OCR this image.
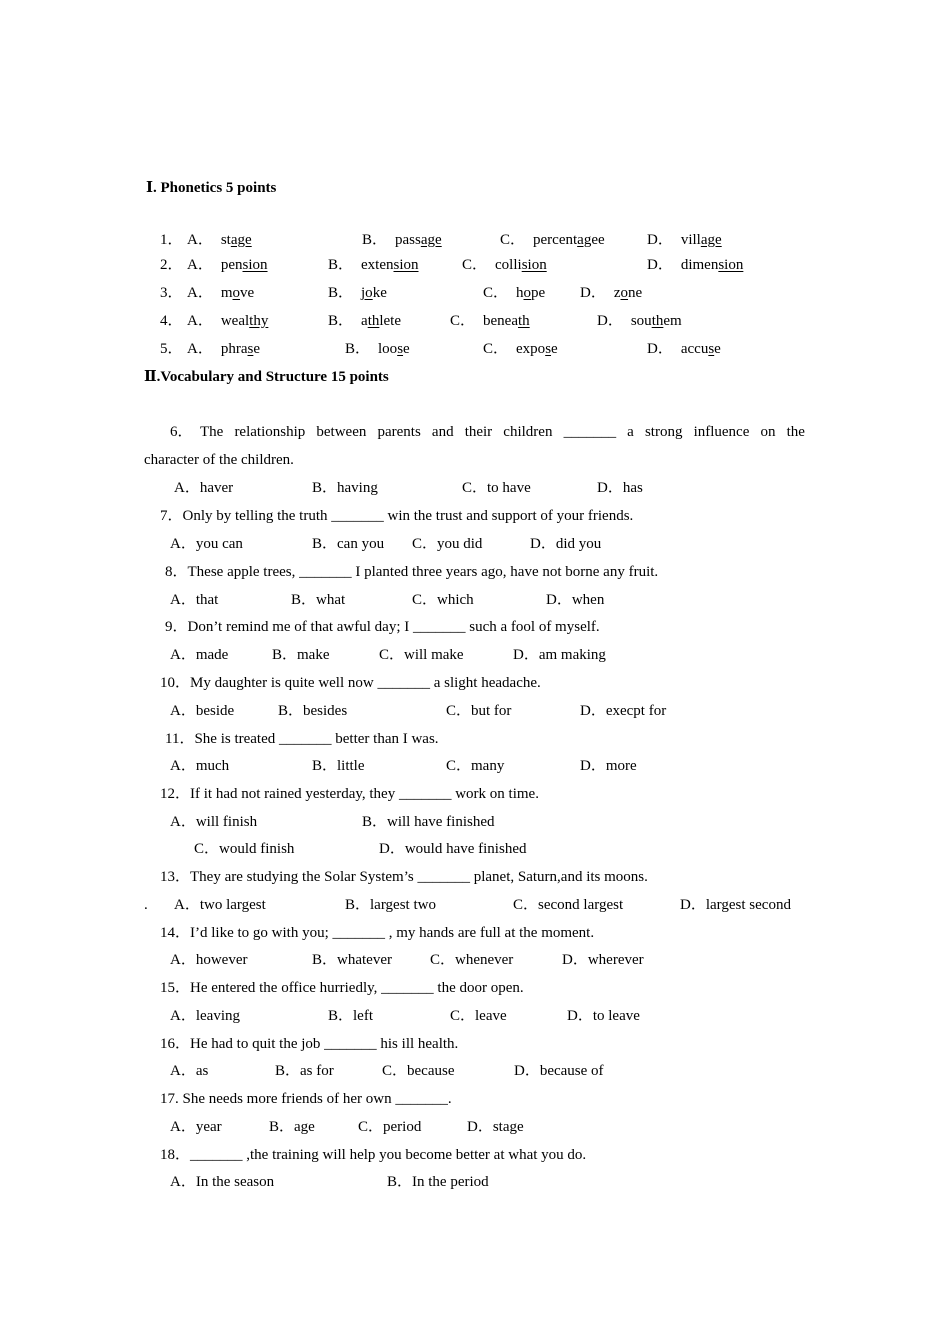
Ⅰ. Phonetics 5 points
1． A． stage	B． passage	C． percentagee	D． village
2． A． pension	B． extension	C． collision	D． dimension
3． A． move	B． joke	C． hope D． zone
4． A． wealthy	B． athlete	C． beneath	D． southem
5． A． phrase	B． loose	C． expose	D． accuse
Ⅱ.Vocabulary and Structure 15 points
6． The relationship between parents and their children _______ a strong influence on the
character of the children.
A．haver	B．having	C．to have	D．has
7．Only by telling the truth _______ win the trust and support of your friends.
A．you can	B．can you C．you did	D．did you
8．These apple trees, _______ I planted three years ago, have not borne any fruit.
A．that	B．what	C．which	D．when
9．Don’t remind me of that awful day; I _______ such a fool of myself.
A．made	B．make	C．will make	D．am making
10．My daughter is quite well now _______ a slight headache.
A．beside	B．besides	C．but for	D．execpt for
11．She is treated _______ better than I was.
A．much	B．little	C．many	D．more
12．If it had not rained yesterday, they _______ work on time.
A．will finish	B．will have finished
C．would finish	D．would have finished
13．They are studying the Solar System’s _______ planet, Saturn,and its moons.
. A．two largest	B．largest two	C．second largest	D．largest second
14．I’d like to go with you; _______ , my hands are full at the moment.
A．however	B．whatever	C．whenever	D．wherever
15．He entered the office hurriedly, _______ the door open.
A．leaving	B．left	C．leave	D．to leave
16．He had to quit the job _______ his ill health.
A．as	B．as for	C．because	D．because of
17. She needs more friends of her own _______.
A．year	B．age	C．period	D．stage
18．_______ ,the training will help you become better at what you do.
A．In the season	B．In the period
